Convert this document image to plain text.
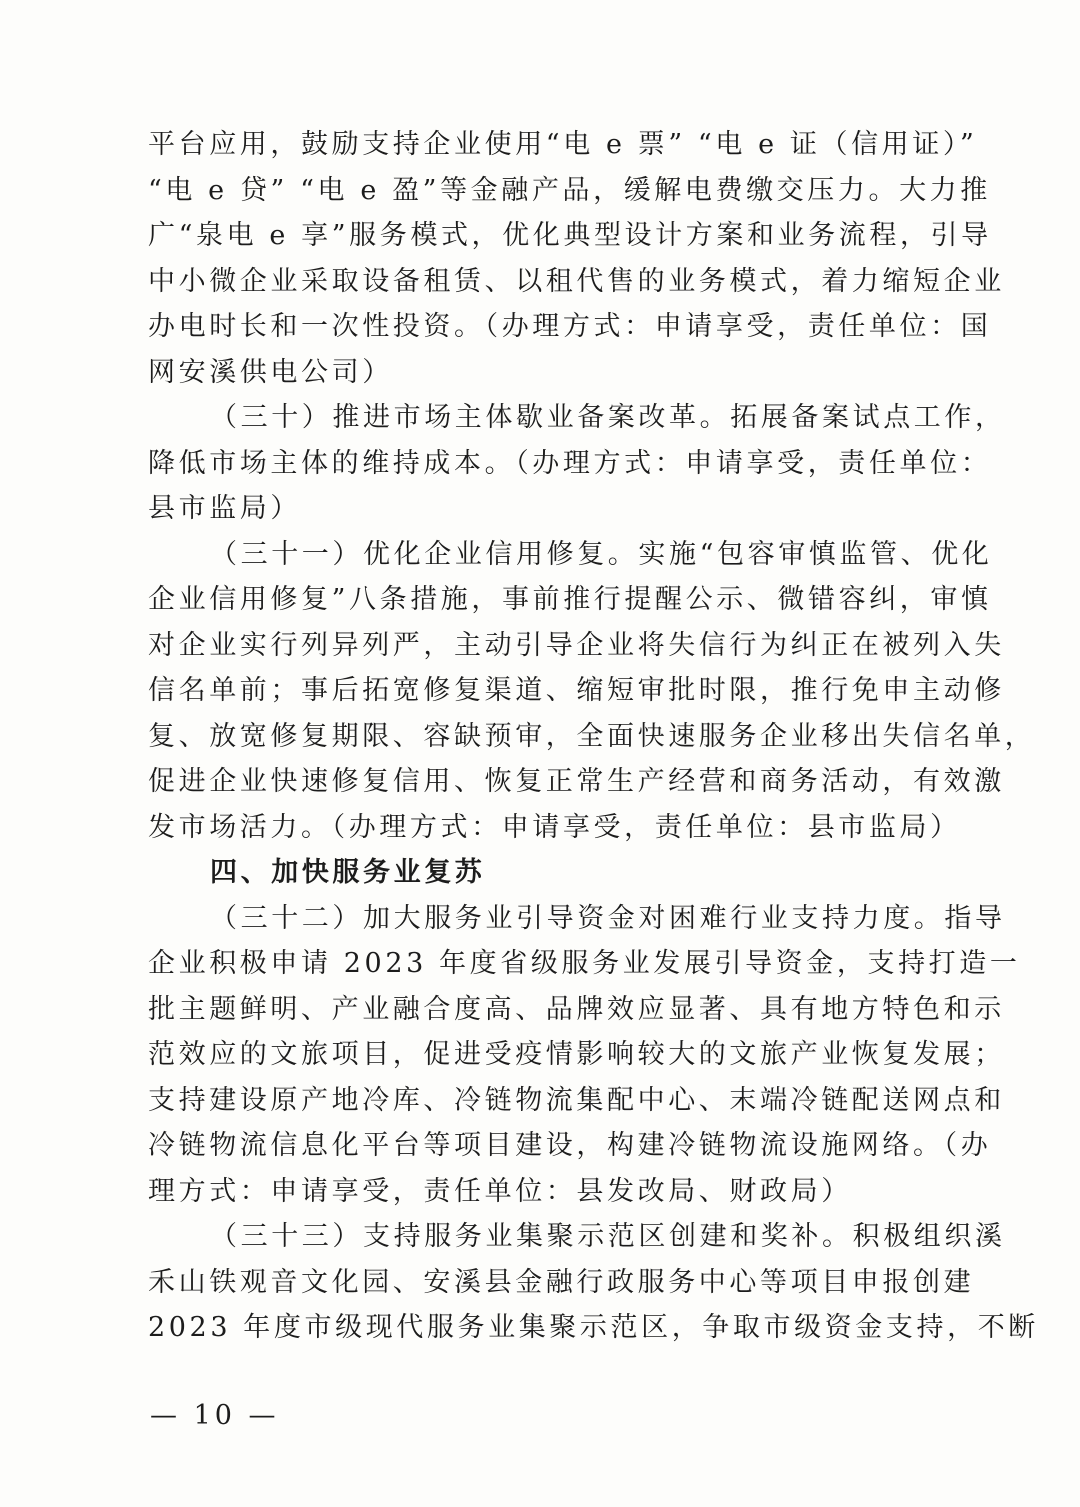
平台应用，鼓励支持企业使用“电 e 票” “电 e 证（信用证）”
“电 e 贷” “电 e 盈”等金融产品，缓解电费缴交压力。大力推
广“泉电 e 享”服务模式，优化典型设计方案和业务流程，引导
中小微企业采取设备租赁、以租代售的业务模式，着力缩短企业
办电时长和一次性投资。（办理方式：申请享受，责任单位：国
网安溪供电公司）
（三十）推进市场主体歇业备案改革。拓展备案试点工作，
降低市场主体的维持成本。（办理方式：申请享受，责任单位：
县市监局）
（三十一）优化企业信用修复。实施“包容审慎监管、优化
企业信用修复”八条措施，事前推行提醒公示、微错容纠，审慎
对企业实行列异列严，主动引导企业将失信行为纠正在被列入失
信名单前；事后拓宽修复渠道、缩短审批时限，推行免申主动修
复、放宽修复期限、容缺预审，全面快速服务企业移出失信名单，
促进企业快速修复信用、恢复正常生产经营和商务活动，有效激
发市场活力。（办理方式：申请享受，责任单位：县市监局）
四、加快服务业复苏
（三十二）加大服务业引导资金对困难行业支持力度。指导
企业积极申请 2023 年度省级服务业发展引导资金，支持打造一
批主题鲜明、产业融合度高、品牌效应显著、具有地方特色和示
范效应的文旅项目，促进受疫情影响较大的文旅产业恢复发展；
支持建设原产地冷库、冷链物流集配中心、末端冷链配送网点和
冷链物流信息化平台等项目建设，构建冷链物流设施网络。（办
理方式：申请享受，责任单位：县发改局、财政局）
（三十三）支持服务业集聚示范区创建和奖补。积极组织溪
禾山铁观音文化园、安溪县金融行政服务中心等项目申报创建
2023 年度市级现代服务业集聚示范区，争取市级资金支持，不断
— 10 —
